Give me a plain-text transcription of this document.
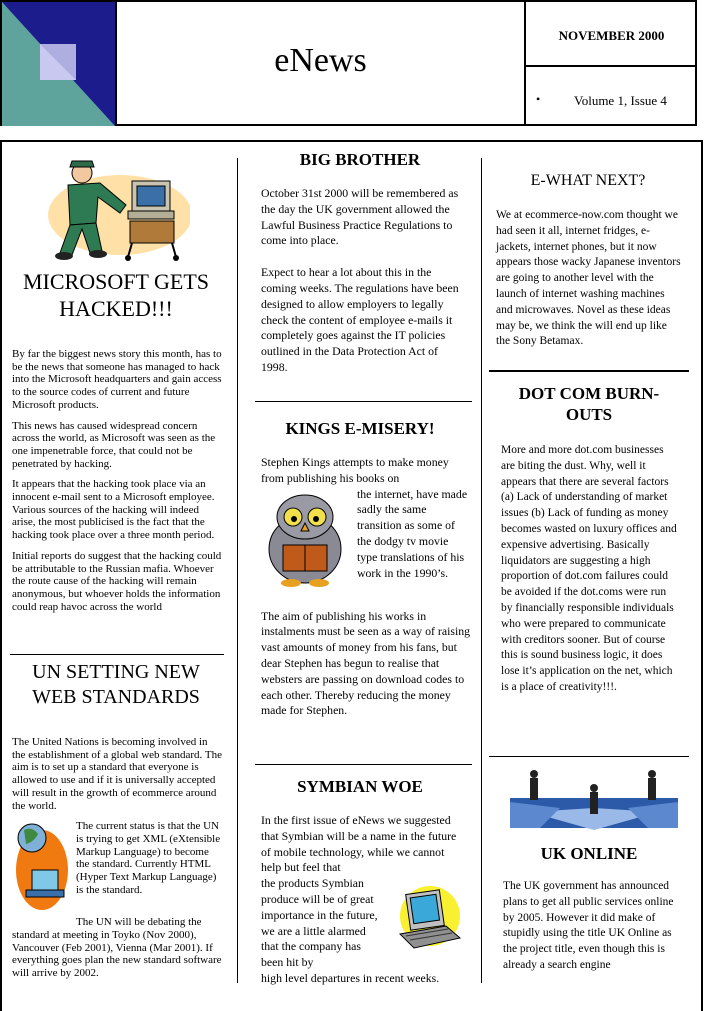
eNews
NOVEMBER 2000
•	Volume 1, Issue 4
MICROSOFT GETS HACKED!!!

By far the biggest news story this month, has to be the news that someone has managed to hack into the Microsoft headquarters and gain access to the source codes of current and future Microsoft products.

This news has caused widespread concern across the world, as Microsoft was seen as the one impenetrable force, that could not be penetrated by hacking.

It appears that the hacking took place via an innocent e-mail sent to a Microsoft employee. Various sources of the hacking will indeed arise, the most publicised is the fact that the hacking took place over a three month period.

Initial reports do suggest that the hacking could be attributable to the Russian mafia. Whoever the route cause of the hacking will remain anonymous, but whoever holds the information could reap havoc across the world

UN SETTING NEW WEB STANDARDS

The United Nations is becoming involved in the establishment of a global web standard. The aim is to set up a standard that everyone is allowed to use and if it is universally accepted will result in the growth of ecommerce around the world.

The current status is that the UN is trying to get XML (eXtensible Markup Language) to become the standard. Currently HTML (Hyper Text Markup Language) is the standard.

The UN will be debating the standard at meeting in Toyko (Nov 2000), Vancouver (Feb 2001), Vienna (Mar 2001). If everything goes plan the new standard software will arrive by 2002.

BIG BROTHER

October 31st 2000 will be remembered as the day the UK government allowed the Lawful Business Practice Regulations to come into place.

Expect to hear a lot about this in the coming weeks. The regulations have been designed to allow employers to legally check the content of employee e-mails it completely goes against the IT policies outlined in the Data Protection Act of 1998.

KINGS E-MISERY!

Stephen Kings attempts to make money from publishing his books on

the internet, have made sadly the same transition as some of the dodgy tv movie type translations of his work in the 1990’s.

The aim of publishing his works in instalments must be seen as a way of raising vast amounts of money from his fans, but dear Stephen has begun to realise that websters are passing on download codes to each other. Thereby reducing the money made for Stephen.

SYMBIAN WOE

In the first issue of eNews we suggested that Symbian will be a name in the future of mobile technology, while we cannot help but feel that

the products Symbian produce will be of great importance in the future, we are a little alarmed that the company has been hit by

high level departures in recent weeks.

E-WHAT NEXT?
We at ecommerce-now.com thought we had seen it all, internet fridges, e-jackets, internet phones, but it now appears those wacky Japanese inventors are going to another level with the launch of internet washing machines and microwaves. Novel as these ideas may be, we think the will end up like the Sony Betamax.
DOT COM BURN-OUTS
More and more dot.com businesses are biting the dust. Why, well it appears that there are several factors (a) Lack of understanding of market issues (b) Lack of funding as money becomes wasted on luxury offices and expensive advertising. Basically liquidators are suggesting a high proportion of dot.com failures could be avoided if the dot.coms were run by financially responsible individuals who were prepared to communicate with creditors sooner. But of course this is sound business logic, it does lose it’s application on the net, which is a place of creativity!!!.
UK ONLINE
The UK government has announced plans to get all public services online by 2005. However it did make of stupidly using the title UK Online as the project title, even though this is already a search engine
